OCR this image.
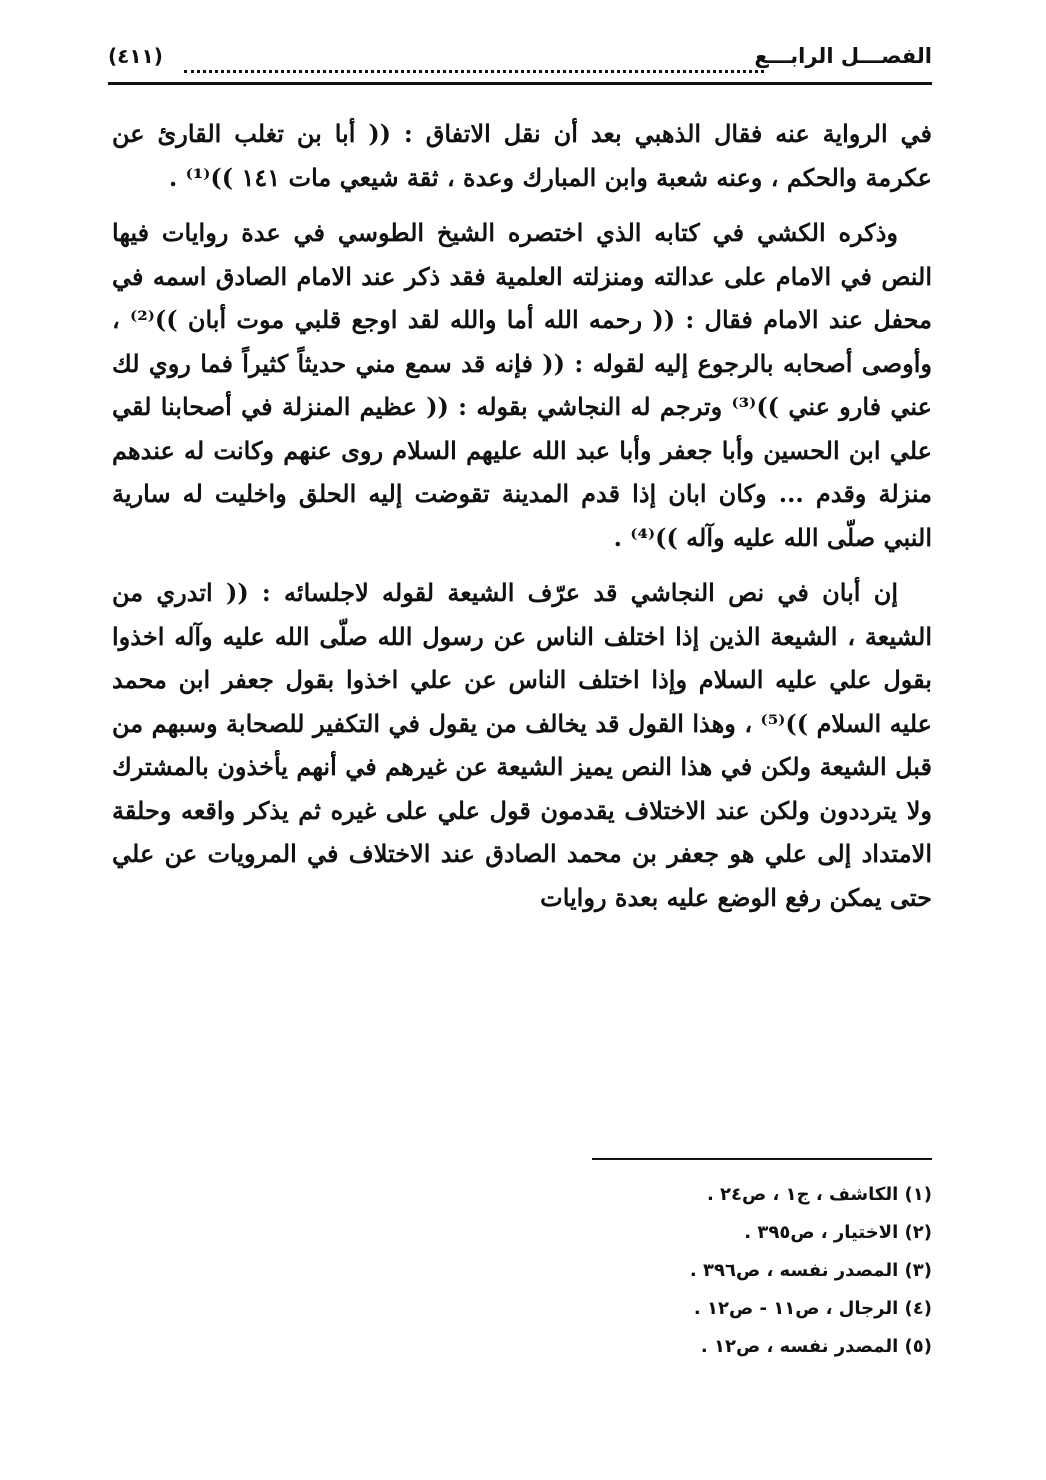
الفصـــل الرابـــع
(٤١١)

في الرواية عنه فقال الذهبي بعد أن نقل الاتفاق : (( أبا بن تغلب القارئ عن عكرمة والحكم ، وعنه شعبة وابن المبارك وعدة ، ثقة شيعي مات ١٤١ ))⁽¹⁾ .

وذكره الكشي في كتابه الذي اختصره الشيخ الطوسي في عدة روايات فيها النص في الامام على عدالته ومنزلته العلمية فقد ذكر عند الامام الصادق اسمه في محفل عند الامام فقال : (( رحمه الله أما والله لقد اوجع قلبي موت أبان ))⁽²⁾ ، وأوصى أصحابه بالرجوع إليه لقوله : (( فإنه قد سمع مني حديثاً كثيراً فما روي لك عني فارو عني ))⁽³⁾ وترجم له النجاشي بقوله : (( عظيم المنزلة في أصحابنا لقي علي ابن الحسين وأبا جعفر وأبا عبد الله عليهم السلام روى عنهم وكانت له عندهم منزلة وقدم ... وكان ابان إذا قدم المدينة تقوضت إليه الحلق واخليت له سارية النبي صلّى الله عليه وآله ))⁽⁴⁾ .

إن أبان في نص النجاشي قد عرّف الشيعة لقوله لاجلسائه : (( اتدري من الشيعة ، الشيعة الذين إذا اختلف الناس عن رسول الله صلّى الله عليه وآله اخذوا بقول علي عليه السلام وإذا اختلف الناس عن علي اخذوا بقول جعفر ابن محمد عليه السلام ))⁽⁵⁾ ، وهذا القول قد يخالف من يقول في التكفير للصحابة وسبهم من قبل الشيعة ولكن في هذا النص يميز الشيعة عن غيرهم في أنهم يأخذون بالمشترك ولا يترددون ولكن عند الاختلاف يقدمون قول علي على غيره ثم يذكر واقعه وحلقة الامتداد إلى علي هو جعفر بن محمد الصادق عند الاختلاف في المرويات عن علي حتى يمكن رفع الوضع عليه بعدة روايات

(١) الكاشف ، ج١ ، ص٢٤ .
(٢) الاختيار ، ص٣٩٥ .
(٣) المصدر نفسه ، ص٣٩٦ .
(٤) الرجال ، ص١١ - ص١٢ .
(٥) المصدر نفسه ، ص١٢ .
